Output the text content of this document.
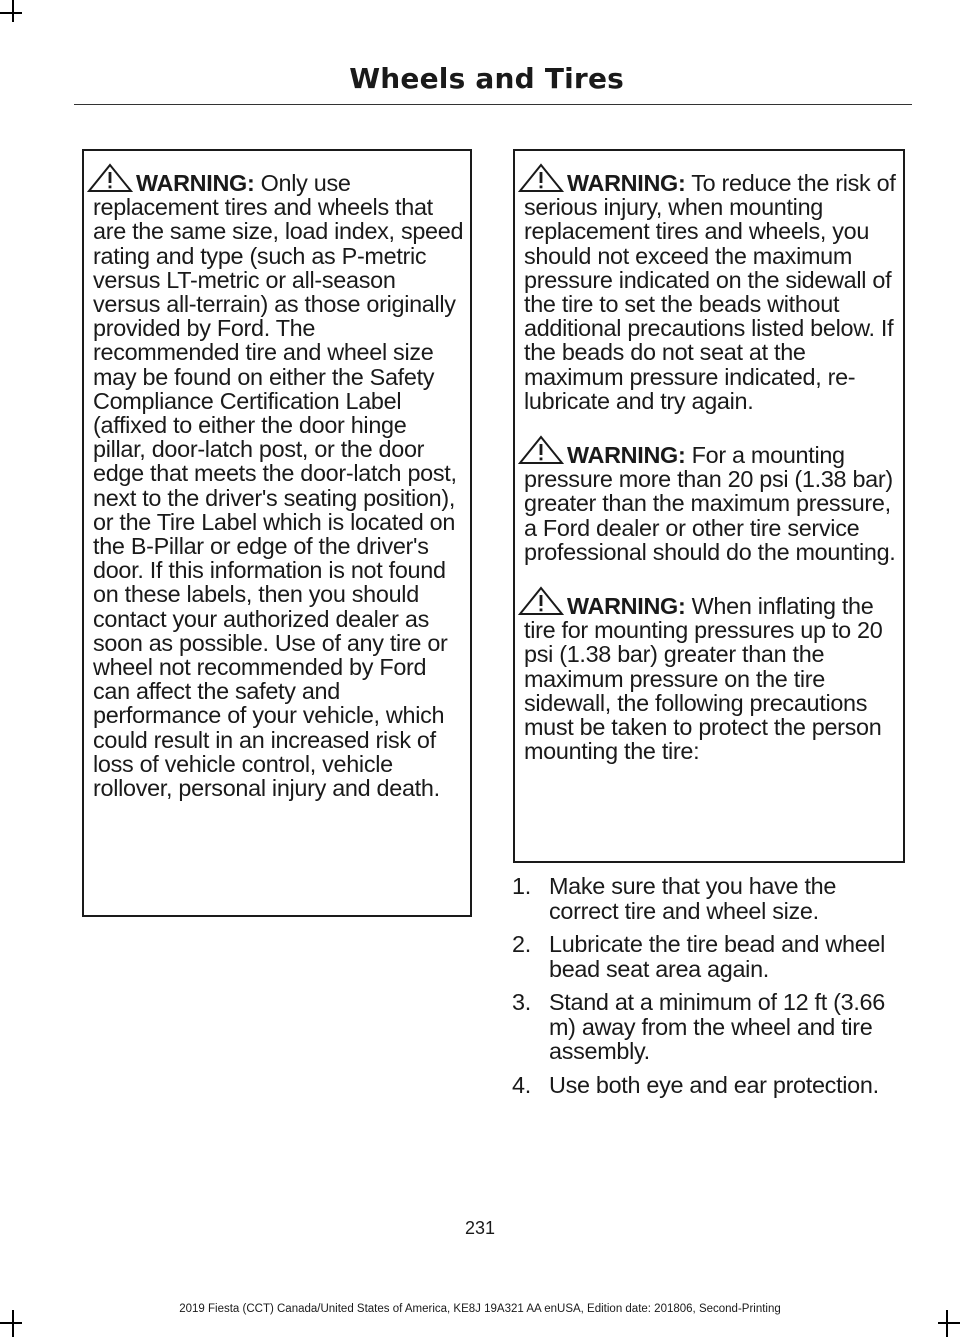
Wheels and Tires

WARNING: Only use replacement tires and wheels that are the same size, load index, speed rating and type (such as P-metric versus LT-metric or all-season versus all-terrain) as those originally provided by Ford. The recommended tire and wheel size may be found on either the Safety Compliance Certification Label (affixed to either the door hinge pillar, door-latch post, or the door edge that meets the door-latch post, next to the driver's seating position), or the Tire Label which is located on the B-Pillar or edge of the driver's door. If this information is not found on these labels, then you should contact your authorized dealer as soon as possible. Use of any tire or wheel not recommended by Ford can affect the safety and performance of your vehicle, which could result in an increased risk of loss of vehicle control, vehicle rollover, personal injury and death.

WARNING: To reduce the risk of serious injury, when mounting replacement tires and wheels, you should not exceed the maximum pressure indicated on the sidewall of the tire to set the beads without additional precautions listed below. If the beads do not seat at the maximum pressure indicated, re-lubricate and try again.

WARNING: For a mounting pressure more than 20 psi (1.38 bar) greater than the maximum pressure, a Ford dealer or other tire service professional should do the mounting.

WARNING: When inflating the tire for mounting pressures up to 20 psi (1.38 bar) greater than the maximum pressure on the tire sidewall, the following precautions must be taken to protect the person mounting the tire:

1. Make sure that you have the correct tire and wheel size.
2. Lubricate the tire bead and wheel bead seat area again.
3. Stand at a minimum of 12 ft (3.66 m) away from the wheel and tire assembly.
4. Use both eye and ear protection.
231
2019 Fiesta (CCT) Canada/United States of America, KE8J 19A321 AA enUSA, Edition date: 201806, Second-Printing
